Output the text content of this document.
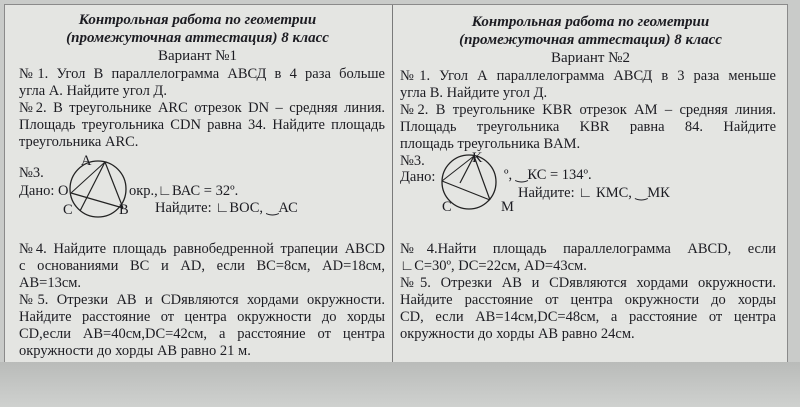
Контрольная работа по геометрии
(промежуточная аттестация) 8 класс
Вариант №1
№1. Угол В параллелограмма АВСД в 4 раза больше
угла А. Найдите угол Д.
№2. В треугольнике ARC отрезок DN – средняя линия.
Площадь треугольника CDN равна 34. Найдите площадь
треугольника ARC.
№3.
Дано: О	окр.,∟ВАС = 32º.
Найдите: ∟ВОС, ‿АС
A
C	B
№4. Найдите площадь равнобедренной трапеции ABCD
с основаниями ВС и AD, если ВС=8см, AD=18см,
АВ=13см.
№5. Отрезки АВ и CDявляются хордами окружности.
Найдите расстояние от центра окружности до хорды
CD,если АВ=40см,DC=42см, а расстояние от центра
окружности до хорды АВ равно 21 м.
Контрольная работа по геометрии
(промежуточная аттестация) 8 класс
Вариант №2
№1. Угол А параллелограмма АВСД в 3 раза меньше
угла В. Найдите угол Д.
№2. В треугольнике KBR отрезок AM – средняя линия.
Площадь треугольника KBR равна 84. Найдите
площадь треугольника BAM.
№3.
Дано:	º, ‿КС = 134º.
Найдите: ∟ КМС, ‿МК
K
C	M
№4.Найти площадь параллелограмма ABCD, если
∟С=30º, DC=22см, AD=43см.
№5. Отрезки АВ и CDявляются хордами окружности.
Найдите расстояние от центра окружности до хорды
CD, если АВ=14см,DC=48см, а расстояние от центра
окружности до хорды АВ равно 24см.
